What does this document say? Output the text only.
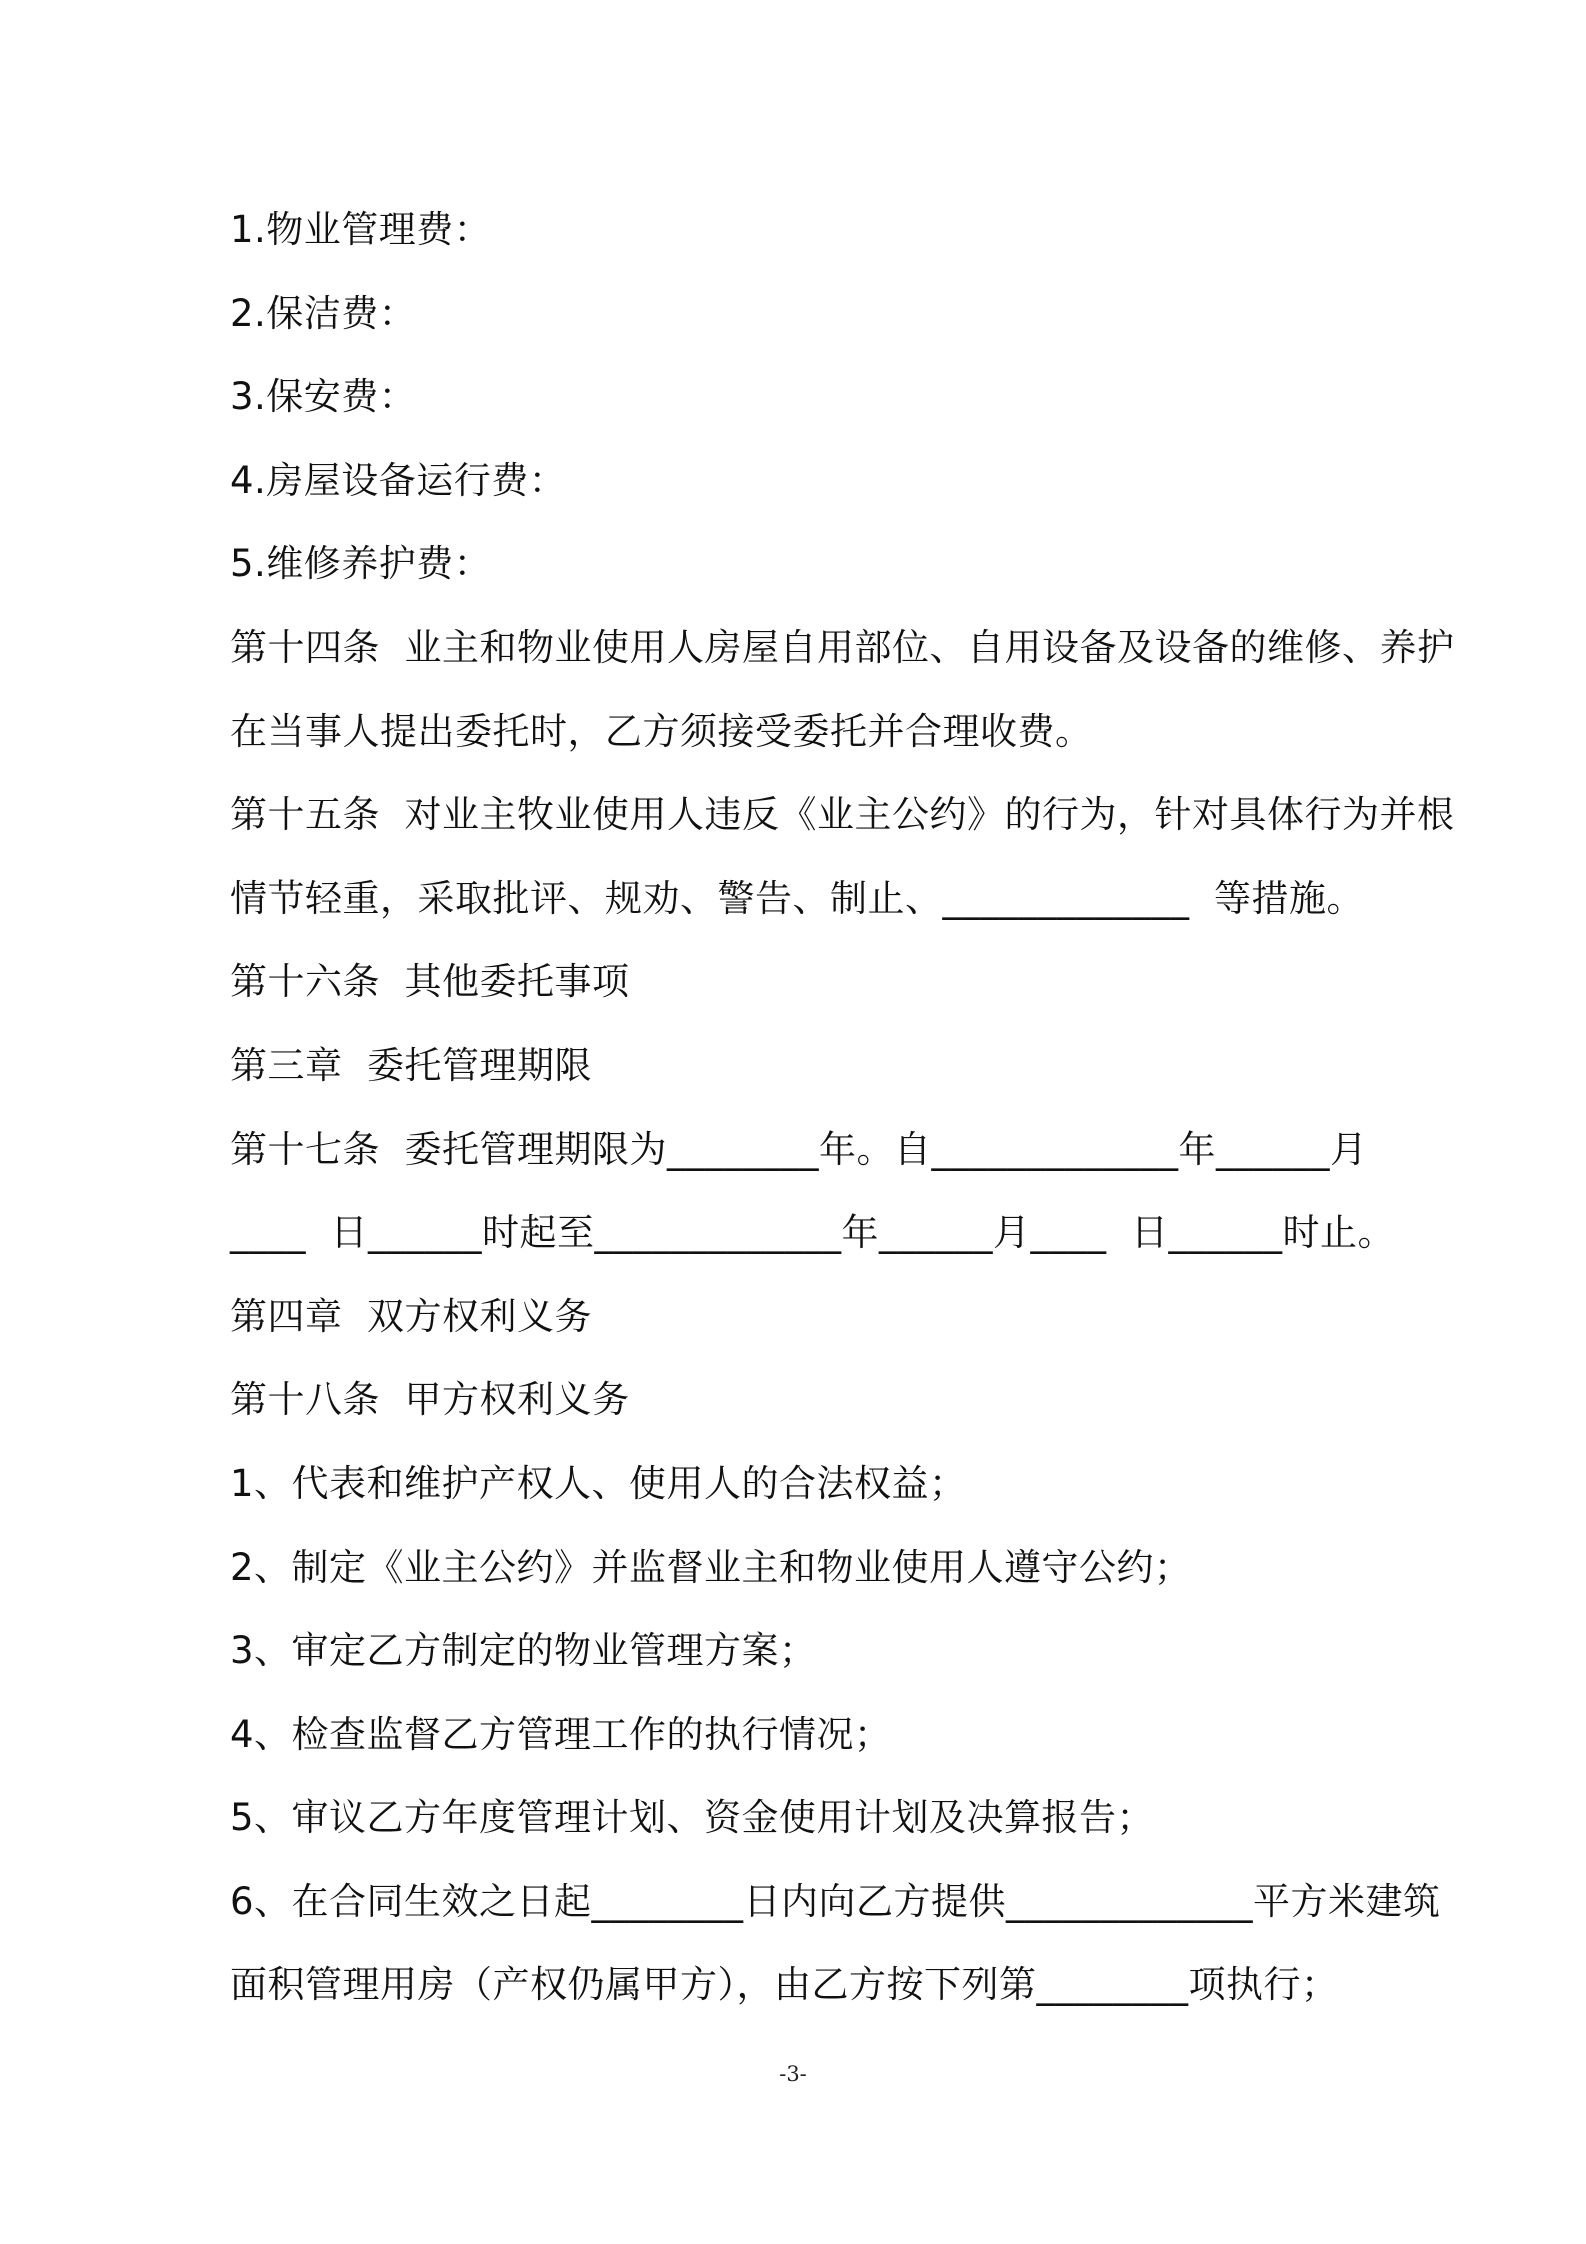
1.物业管理费：
2.保洁费：
3.保安费：
4.房屋设备运行费：
5.维修养护费：
第十四条  业主和物业使用人房屋自用部位、自用设备及设备的维修、养护
在当事人提出委托时，乙方须接受委托并合理收费。
第十五条  对业主牧业使用人违反《业主公约》的行为，针对具体行为并根
情节轻重，采取批评、规劝、警告、制止、_____________  等措施。
第十六条  其他委托事项
第三章  委托管理期限
第十七条  委托管理期限为________年。自_____________年______月
____  日______时起至_____________年______月____  日______时止。
第四章  双方权利义务
第十八条  甲方权利义务
1、代表和维护产权人、使用人的合法权益；
2、制定《业主公约》并监督业主和物业使用人遵守公约；
3、审定乙方制定的物业管理方案；
4、检查监督乙方管理工作的执行情况；
5、审议乙方年度管理计划、资金使用计划及决算报告；
6、在合同生效之日起________日内向乙方提供_____________平方米建筑
面积管理用房（产权仍属甲方），由乙方按下列第________项执行；
-3-
